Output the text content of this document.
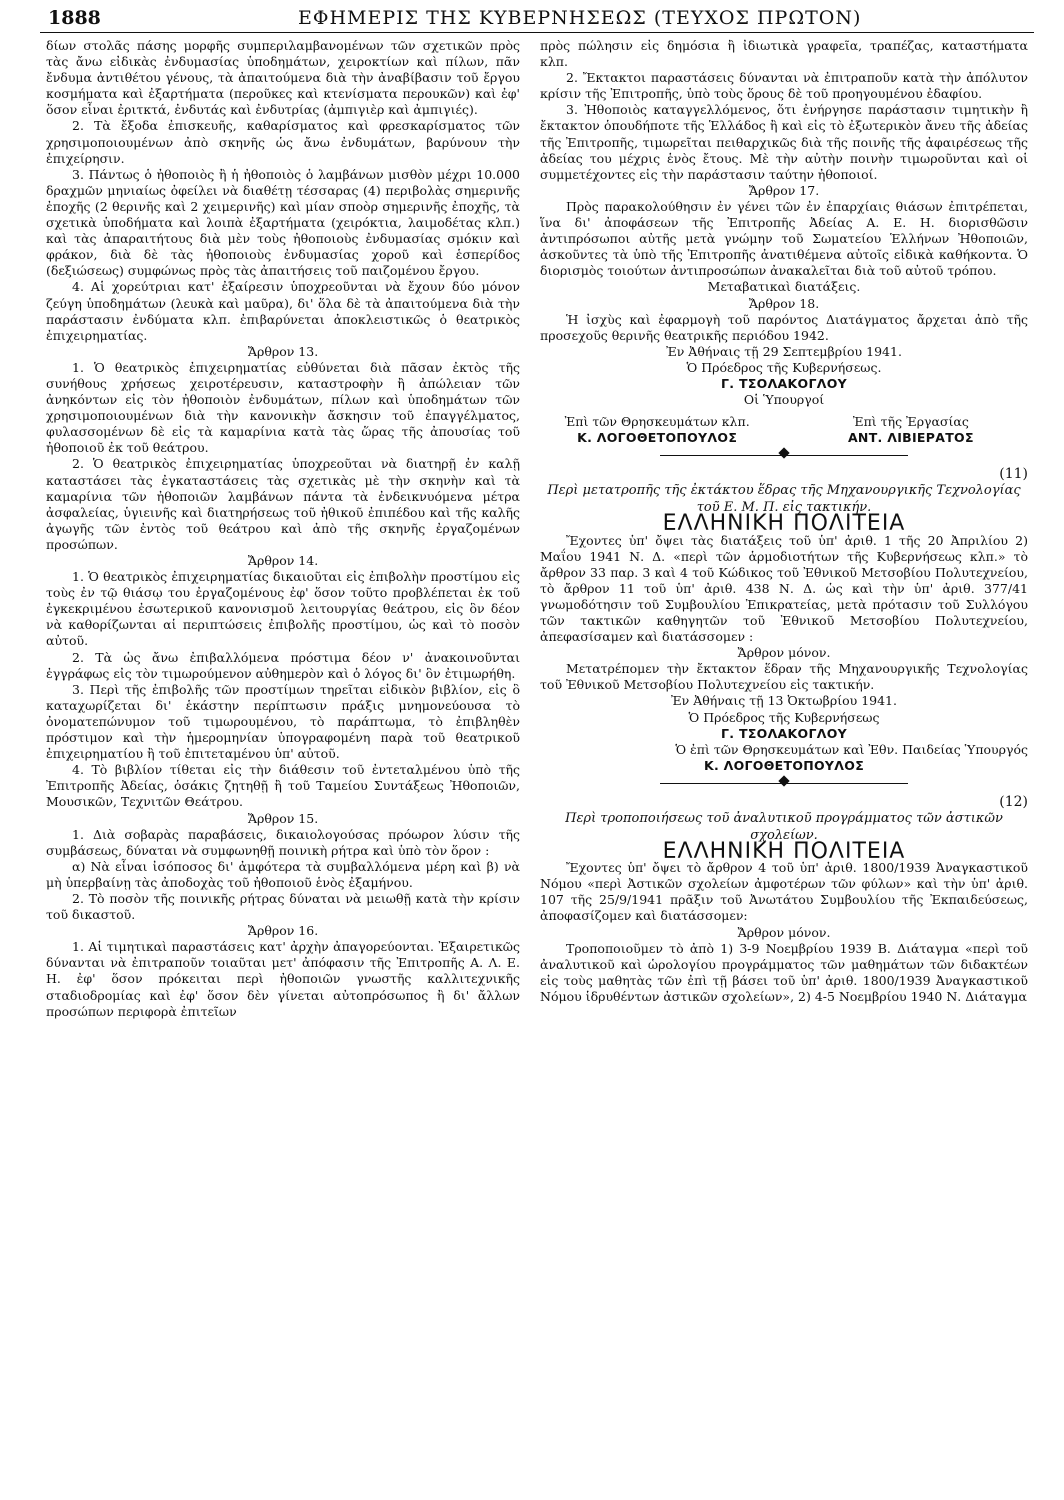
1888	ΕΦΗΜΕΡΙΣ ΤΗΣ ΚΥΒΕΡΝΗΣΕΩΣ (ΤΕΥΧΟΣ ΠΡΩΤΟΝ)

δίων στολᾶς πάσης μορφῆς συμπεριλαμβανομένων τῶν σχετικῶν πρὸς τὰς ἄνω εἰδικὰς ἐνδυμασίας ὑποδημάτων, χειροκτίων καὶ πίλων, πᾶν ἔνδυμα ἀντιθέτου γένους, τὰ ἀπαιτούμενα διὰ τὴν ἀναβίβασιν τοῦ ἔργου κοσμήματα καὶ ἐξαρτήματα (περοῦκες καὶ κτενίσματα περουκῶν) καὶ ἐφ' ὅσον εἶναι ἐριτκτά, ἐνδυτάς καὶ ἐνδυτρίας (ἀμπιγιὲρ καὶ ἀμπιγιές).

2. Τὰ ἔξοδα ἐπισκευῆς, καθαρίσματος καὶ φρεσκαρίσματος τῶν χρησιμοποιουμένων ἀπὸ σκηνῆς ὡς ἄνω ἐνδυμάτων, βαρύνουν τὴν ἐπιχείρησιν.

3. Πάντως ὁ ἠθοποιὸς ἢ ἡ ἠθοποιὸς ὁ λαμβάνων μισθὸν μέχρι 10.000 δραχμῶν μηνιαίως ὀφείλει νὰ διαθέτῃ τέσσαρας (4) περιβολὰς σημερινῆς ἐποχῆς (2 θερινῆς καὶ 2 χειμερινῆς) καὶ μίαν σποὸρ σημερινῆς ἐποχῆς, τὰ σχετικὰ ὑποδήματα καὶ λοιπὰ ἐξαρτήματα (χειρόκτια, λαιμοδέτας κλπ.) καὶ τὰς ἀπαραιτήτους διὰ μὲν τοὺς ἠθοποιοὺς ἐνδυμασίας σμόκιν καὶ φράκον, διὰ δὲ τὰς ἠθοποιοὺς ἐνδυμασίας χοροῦ καὶ ἑσπερίδος (δεξιώσεως) συμφώνως πρὸς τὰς ἀπαιτήσεις τοῦ παιζομένου ἔργου.

4. Αἱ χορεύτριαι κατ' ἐξαίρεσιν ὑποχρεοῦνται νὰ ἔχουν δύο μόνον ζεύγη ὑποδημάτων (λευκὰ καὶ μαῦρα), δι' ὅλα δὲ τὰ ἀπαιτούμενα διὰ τὴν παράστασιν ἐνδύματα κλπ. ἐπιβαρύνεται ἀποκλειστικῶς ὁ θεατρικὸς ἐπιχειρηματίας.

Ἄρθρον 13.

1. Ὁ θεατρικὸς ἐπιχειρηματίας εὐθύνεται διὰ πᾶσαν ἐκτὸς τῆς συνήθους χρήσεως χειροτέρευσιν, καταστροφὴν ἢ ἀπώλειαν τῶν ἀνηκόντων εἰς τὸν ἠθοποιὸν ἐνδυμάτων, πίλων καὶ ὑποδημάτων τῶν χρησιμοποιουμένων διὰ τὴν κανονικὴν ἄσκησιν τοῦ ἐπαγγέλματος, φυλασσομένων δὲ εἰς τὰ καμαρίνια κατὰ τὰς ὥρας τῆς ἀπουσίας τοῦ ἠθοποιοῦ ἐκ τοῦ θεάτρου.

2. Ὁ θεατρικὸς ἐπιχειρηματίας ὑποχρεοῦται νὰ διατηρῇ ἐν καλῇ καταστάσει τὰς ἐγκαταστάσεις τὰς σχετικὰς μὲ τὴν σκηνὴν καὶ τὰ καμαρίνια τῶν ἠθοποιῶν λαμβάνων πάντα τὰ ἐνδεικνυόμενα μέτρα ἀσφαλείας, ὑγιεινῆς καὶ διατηρήσεως τοῦ ἠθικοῦ ἐπιπέδου καὶ τῆς καλῆς ἀγωγῆς τῶν ἐντὸς τοῦ θεάτρου καὶ ἀπὸ τῆς σκηνῆς ἐργαζομένων προσώπων.

Ἄρθρον 14.

1. Ὁ θεατρικὸς ἐπιχειρηματίας δικαιοῦται εἰς ἐπιβολὴν προστίμου εἰς τοὺς ἐν τῷ θιάσῳ του ἐργαζομένους ἐφ' ὅσον τοῦτο προβλέπεται ἐκ τοῦ ἐγκεκριμένου ἐσωτερικοῦ κανονισμοῦ λειτουργίας θεάτρου, εἰς ὃν δέον νὰ καθορίζωνται αἱ περιπτώσεις ἐπιβολῆς προστίμου, ὡς καὶ τὸ ποσὸν αὐτοῦ.

2. Τὰ ὡς ἄνω ἐπιβαλλόμενα πρόστιμα δέον ν' ἀνακοινοῦνται ἐγγράφως εἰς τὸν τιμωρούμενον αὐθημερὸν καὶ ὁ λόγος δι' ὃν ἐτιμωρήθη.

3. Περὶ τῆς ἐπιβολῆς τῶν προστίμων τηρεῖται εἰδικὸν βιβλίον, εἰς ὃ καταχωρίζεται δι' ἑκάστην περίπτωσιν πράξις μνημονεύουσα τὸ ὀνοματεπώνυμον τοῦ τιμωρουμένου, τὸ παράπτωμα, τὸ ἐπιβληθὲν πρόστιμον καὶ τὴν ἡμερομηνίαν ὑπογραφομένη παρὰ τοῦ θεατρικοῦ ἐπιχειρηματίου ἢ τοῦ ἐπιτεταμένου ὑπ' αὐτοῦ.

4. Τὸ βιβλίον τίθεται εἰς τὴν διάθεσιν τοῦ ἐντεταλμένου ὑπὸ τῆς Ἐπιτροπῆς Ἀδείας, ὁσάκις ζητηθῇ ἢ τοῦ Ταμείου Συντάξεως Ἠθοποιῶν, Μουσικῶν, Τεχνιτῶν Θεάτρου.

Ἄρθρον 15.

1. Διὰ σοβαρὰς παραβάσεις, δικαιολογούσας πρόωρον λύσιν τῆς συμβάσεως, δύναται νὰ συμφωνηθῇ ποινικὴ ρήτρα καὶ ὑπὸ τὸν ὅρον :

α) Νὰ εἶναι ἰσόποσος δι' ἀμφότερα τὰ συμβαλλόμενα μέρη καὶ β) νὰ μὴ ὑπερβαίνῃ τὰς ἀποδοχὰς τοῦ ἠθοποιοῦ ἑνὸς ἐξαμήνου.

2. Τὸ ποσὸν τῆς ποινικῆς ρήτρας δύναται νὰ μειωθῇ κατὰ τὴν κρίσιν τοῦ δικαστοῦ.

Ἄρθρον 16.

1. Αἱ τιμητικαὶ παραστάσεις κατ' ἀρχὴν ἀπαγορεύονται. Ἐξαιρετικῶς δύνανται νὰ ἐπιτραποῦν τοιαῦται μετ' ἀπόφασιν τῆς Ἐπιτροπῆς Α. Λ. Ε. Η. ἐφ' ὅσον πρόκειται περὶ ἠθοποιῶν γνωστῆς καλλιτεχνικῆς σταδιοδρομίας καὶ ἐφ' ὅσον δὲν γίνεται αὐτοπρόσωπος ἢ δι' ἄλλων προσώπων περιφορὰ ἐπιτεῖων

πρὸς πώλησιν εἰς δημόσια ἢ ἰδιωτικὰ γραφεῖα, τραπέζας, καταστήματα κλπ.

2. Ἔκτακτοι παραστάσεις δύνανται νὰ ἐπιτραποῦν κατὰ τὴν ἀπόλυτον κρίσιν τῆς Ἐπιτροπῆς, ὑπὸ τοὺς ὅρους δὲ τοῦ προηγουμένου ἐδαφίου.

3. Ἠθοποιὸς καταγγελλόμενος, ὅτι ἐνήργησε παράστασιν τιμητικὴν ἢ ἔκτακτον ὁπουδήποτε τῆς Ἑλλάδος ἢ καὶ εἰς τὸ ἐξωτερικὸν ἄνευ τῆς ἀδείας τῆς Ἐπιτροπῆς, τιμωρεῖται πειθαρχικῶς διὰ τῆς ποινῆς τῆς ἀφαιρέσεως τῆς ἀδείας του μέχρις ἑνὸς ἔτους. Μὲ τὴν αὐτὴν ποινὴν τιμωροῦνται καὶ οἱ συμμετέχοντες εἰς τὴν παράστασιν ταύτην ἠθοποιοί.

Ἄρθρον 17.

Πρὸς παρακολούθησιν ἐν γένει τῶν ἐν ἐπαρχίαις θιάσων ἐπιτρέπεται, ἵνα δι' ἀποφάσεων τῆς Ἐπιτροπῆς Ἀδείας Α. Ε. Η. διορισθῶσιν ἀντιπρόσωποι αὐτῆς μετὰ γνώμην τοῦ Σωματείου Ἑλλήνων Ἠθοποιῶν, ἀσκοῦντες τὰ ὑπὸ τῆς Ἐπιτροπῆς ἀνατιθέμενα αὐτοῖς εἰδικὰ καθήκοντα. Ὁ διορισμὸς τοιούτων ἀντιπροσώπων ἀνακαλεῖται διὰ τοῦ αὐτοῦ τρόπου.

Μεταβατικαὶ διατάξεις.

Ἄρθρον 18.

Ἡ ἰσχὺς καὶ ἐφαρμογὴ τοῦ παρόντος Διατάγματος ἄρχεται ἀπὸ τῆς προσεχοῦς θερινῆς θεατρικῆς περιόδου 1942.

Ἐν Ἀθήναις τῇ 29 Σεπτεμβρίου 1941.

Ὁ Πρόεδρος τῆς Κυβερνήσεως.

Γ. ΤΣΟΛΑΚΟΓΛΟΥ

Οἱ Ὑπουργοί

Ἐπὶ τῶν Θρησκευμάτων κλπ.

Κ. ΛΟΓΟΘΕΤΟΠΟΥΛΟΣ

Ἐπὶ τῆς Ἐργασίας

ΑΝΤ. ΛΙΒΙΕΡΑΤΟΣ

(11)

Περὶ μετατροπῆς τῆς ἐκτάκτου ἕδρας τῆς Μηχανουργικῆς Τεχνολογίας τοῦ Ε. Μ. Π. εἰς τακτικήν.

ΕΛΛΗΝΙΚΗ ΠΟΛΙΤΕΙΑ

Ἔχοντες ὑπ' ὄψει τὰς διατάξεις τοῦ ὑπ' ἀριθ. 1 τῆς 20 Ἀπριλίου 2) Μαΐου 1941 Ν. Δ. «περὶ τῶν ἁρμοδιοτήτων τῆς Κυβερνήσεως κλπ.» τὸ ἄρθρον 33 παρ. 3 καὶ 4 τοῦ Κώδικος τοῦ Ἐθνικοῦ Μετσοβίου Πολυτεχνείου, τὸ ἄρθρον 11 τοῦ ὑπ' ἀριθ. 438 Ν. Δ. ὡς καὶ τὴν ὑπ' ἀριθ. 377/41 γνωμοδότησιν τοῦ Συμβουλίου Ἐπικρατείας, μετὰ πρότασιν τοῦ Συλλόγου τῶν τακτικῶν καθηγητῶν τοῦ Ἐθνικοῦ Μετσοβίου Πολυτεχνείου, ἀπεφασίσαμεν καὶ διατάσσομεν :

Ἄρθρον μόνον.

Μετατρέπομεν τὴν ἔκτακτον ἕδραν τῆς Μηχανουργικῆς Τεχνολογίας τοῦ Ἐθνικοῦ Μετσοβίου Πολυτεχνείου εἰς τακτικήν.

Ἐν Ἀθήναις τῇ 13 Ὀκτωβρίου 1941.

Ὁ Πρόεδρος τῆς Κυβερνήσεως

Γ. ΤΣΟΛΑΚΟΓΛΟΥ

Ὁ ἐπὶ τῶν Θρησκευμάτων καὶ Ἐθν. Παιδείας Ὑπουργός

Κ. ΛΟΓΟΘΕΤΟΠΟΥΛΟΣ

(12)

Περὶ τροποποιήσεως τοῦ ἀναλυτικοῦ προγράμματος τῶν ἀστικῶν σχολείων.

ΕΛΛΗΝΙΚΗ ΠΟΛΙΤΕΙΑ

Ἔχοντες ὑπ' ὄψει τὸ ἄρθρον 4 τοῦ ὑπ' ἀριθ. 1800/1939 Ἀναγκαστικοῦ Νόμου «περὶ Ἀστικῶν σχολείων ἀμφοτέρων τῶν φύλων» καὶ τὴν ὑπ' ἀριθ. 107 τῆς 25/9/1941 πρᾶξιν τοῦ Ἀνωτάτου Συμβουλίου τῆς Ἐκπαιδεύσεως, ἀποφασίζομεν καὶ διατάσσομεν:

Ἄρθρον μόνον.

Τροποποιοῦμεν τὸ ἀπὸ 1) 3-9 Νοεμβρίου 1939 Β. Διάταγμα «περὶ τοῦ ἀναλυτικοῦ καὶ ὡρολογίου προγράμματος τῶν μαθημάτων τῶν διδακτέων εἰς τοὺς μαθητὰς τῶν ἐπὶ τῇ βάσει τοῦ ὑπ' ἀριθ. 1800/1939 Ἀναγκαστικοῦ Νόμου ἱδρυθέντων ἀστικῶν σχολείων», 2) 4-5 Νοεμβρίου 1940 Ν. Διάταγμα
